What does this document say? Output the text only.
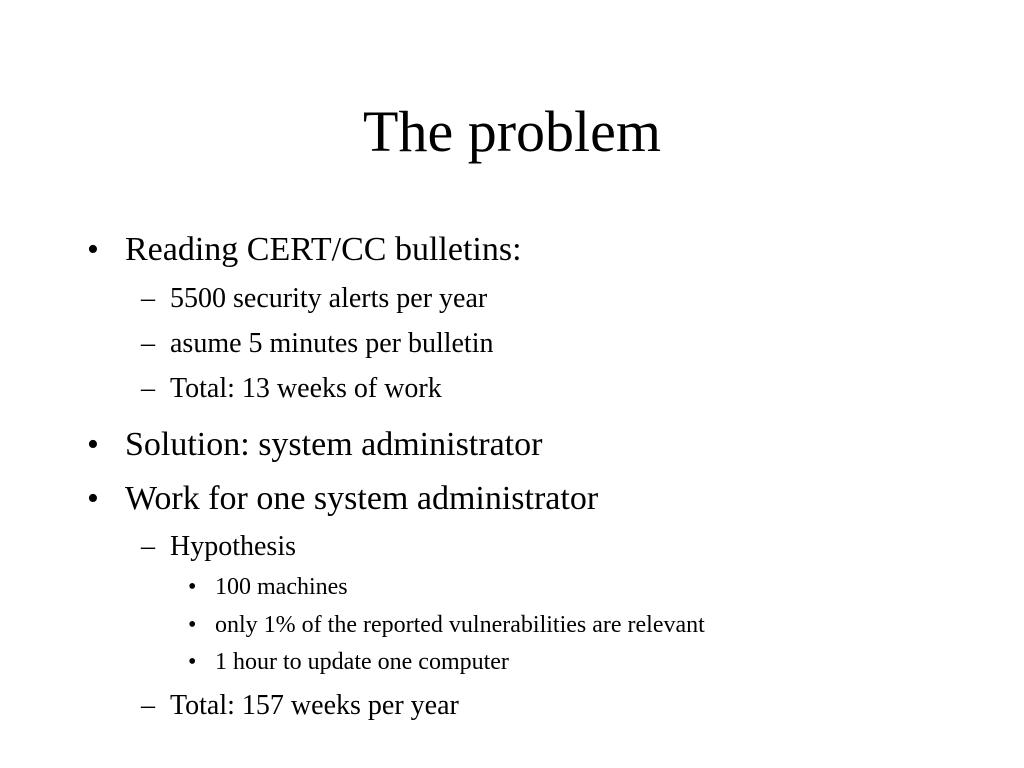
The problem
• Reading CERT/CC bulletins:
– 5500 security alerts per year
– asume 5 minutes per bulletin
– Total: 13 weeks of work
• Solution: system administrator
• Work for one system administrator
– Hypothesis
• 100 machines
• only 1% of the reported vulnerabilities are relevant
• 1 hour to update one computer
– Total: 157 weeks per year
